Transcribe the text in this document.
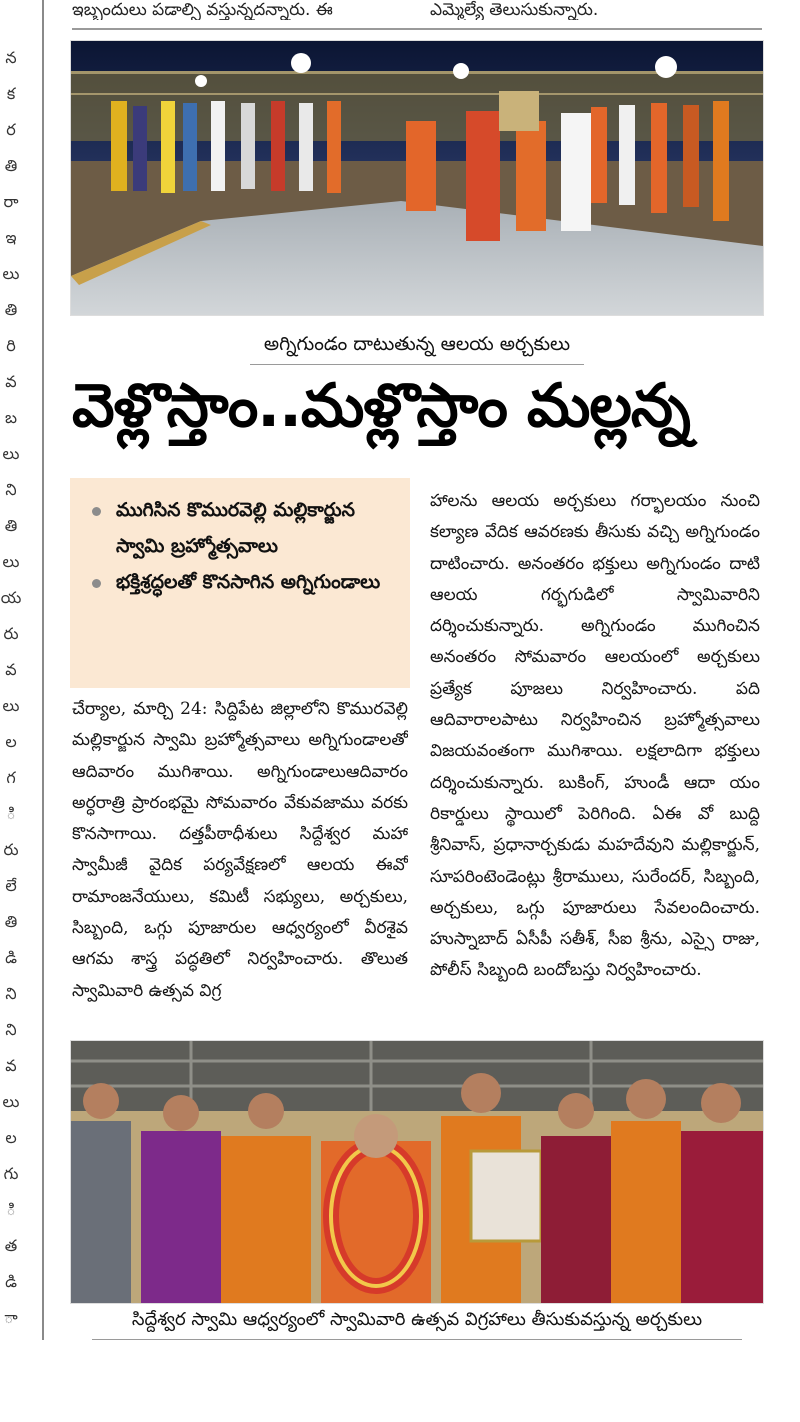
ఇబ్బందులు పడాల్సి వస్తున్నదన్నారు. ఈ	ఎమ్మెల్యే తెలుసుకున్నారు.
న
క
ర
తి
రా
ఇ
లు
తి
రి
వ
బ
లు
ని
తి
లు
య
రు
వ
లు
ల
గ
ి
రు
లే
తి
డి
ని
ని
వ
లు
ల
గు
ి
త
డి
ా
అగ్నిగుండం దాటుతున్న ఆలయ అర్చకులు
వెళ్లొస్తాం..మళ్లొస్తాం మల్లన్న
ముగిసిన కొమురవెల్లి మల్లికార్జున స్వామి బ్రహ్మోత్సవాలు
భక్తిశ్రద్ధలతో కొనసాగిన అగ్నిగుండాలు
చేర్యాల, మార్చి 24: సిద్దిపేట జిల్లాలోని కొమురవెల్లి మల్లికార్జున స్వామి బ్రహ్మోత్సవాలు అగ్నిగుండాలతో ఆదివారం ముగిశాయి. అగ్నిగుండాలుఆదివారం అర్ధరాత్రి ప్రారంభమై సోమవారం వేకువజాము వరకు కొనసాగాయి. దత్తపీఠాధీశులు సిద్దేశ్వర మహా స్వామీజీ వైదిక పర్యవేక్షణలో ఆలయ ఈవో రామాంజనేయులు, కమిటీ సభ్యులు, అర్చకులు, సిబ్బంది, ఒగ్గు పూజారుల ఆధ్వర్యంలో వీరశైవ ఆగమ శాస్త్ర పద్ధతిలో నిర్వహించారు. తొలుత స్వామివారి ఉత్సవ విగ్ర
హాలను ఆలయ అర్చకులు గర్భాలయం నుంచి కల్యాణ వేదిక ఆవరణకు తీసుకు వచ్చి అగ్నిగుండం దాటించారు. అనంతరం భక్తులు అగ్నిగుండం దాటి ఆలయ గర్భగుడిలో స్వామివారిని దర్శించుకున్నారు. అగ్నిగుండం ముగించిన అనంతరం సోమవారం ఆలయంలో అర్చకులు ప్రత్యేక పూజలు నిర్వహించారు. పది ఆదివారాలపాటు నిర్వహించిన బ్రహ్మోత్సవాలు విజయవంతంగా ముగిశాయి. లక్షలాదిగా భక్తులు దర్శించుకున్నారు. బుకింగ్, హుండీ ఆదా యం రికార్డులు స్థాయిలో పెరిగింది. ఏఈ వో బుద్ది శ్రీనివాస్, ప్రధానార్చకుడు మహదేవుని మల్లికార్జున్, సూపరింటెండెంట్లు శ్రీరాములు, సురేందర్, సిబ్బంది, అర్చకులు, ఒగ్గు పూజారులు సేవలందించారు. హుస్నాబాద్ ఏసీపీ సతీశ్, సీఐ శ్రీను, ఎస్సై రాజు, పోలీస్ సిబ్బంది బందోబస్తు నిర్వహించారు.
సిద్దేశ్వర స్వామి ఆధ్వర్యంలో స్వామివారి ఉత్సవ విగ్రహాలు తీసుకువస్తున్న అర్చకులు
